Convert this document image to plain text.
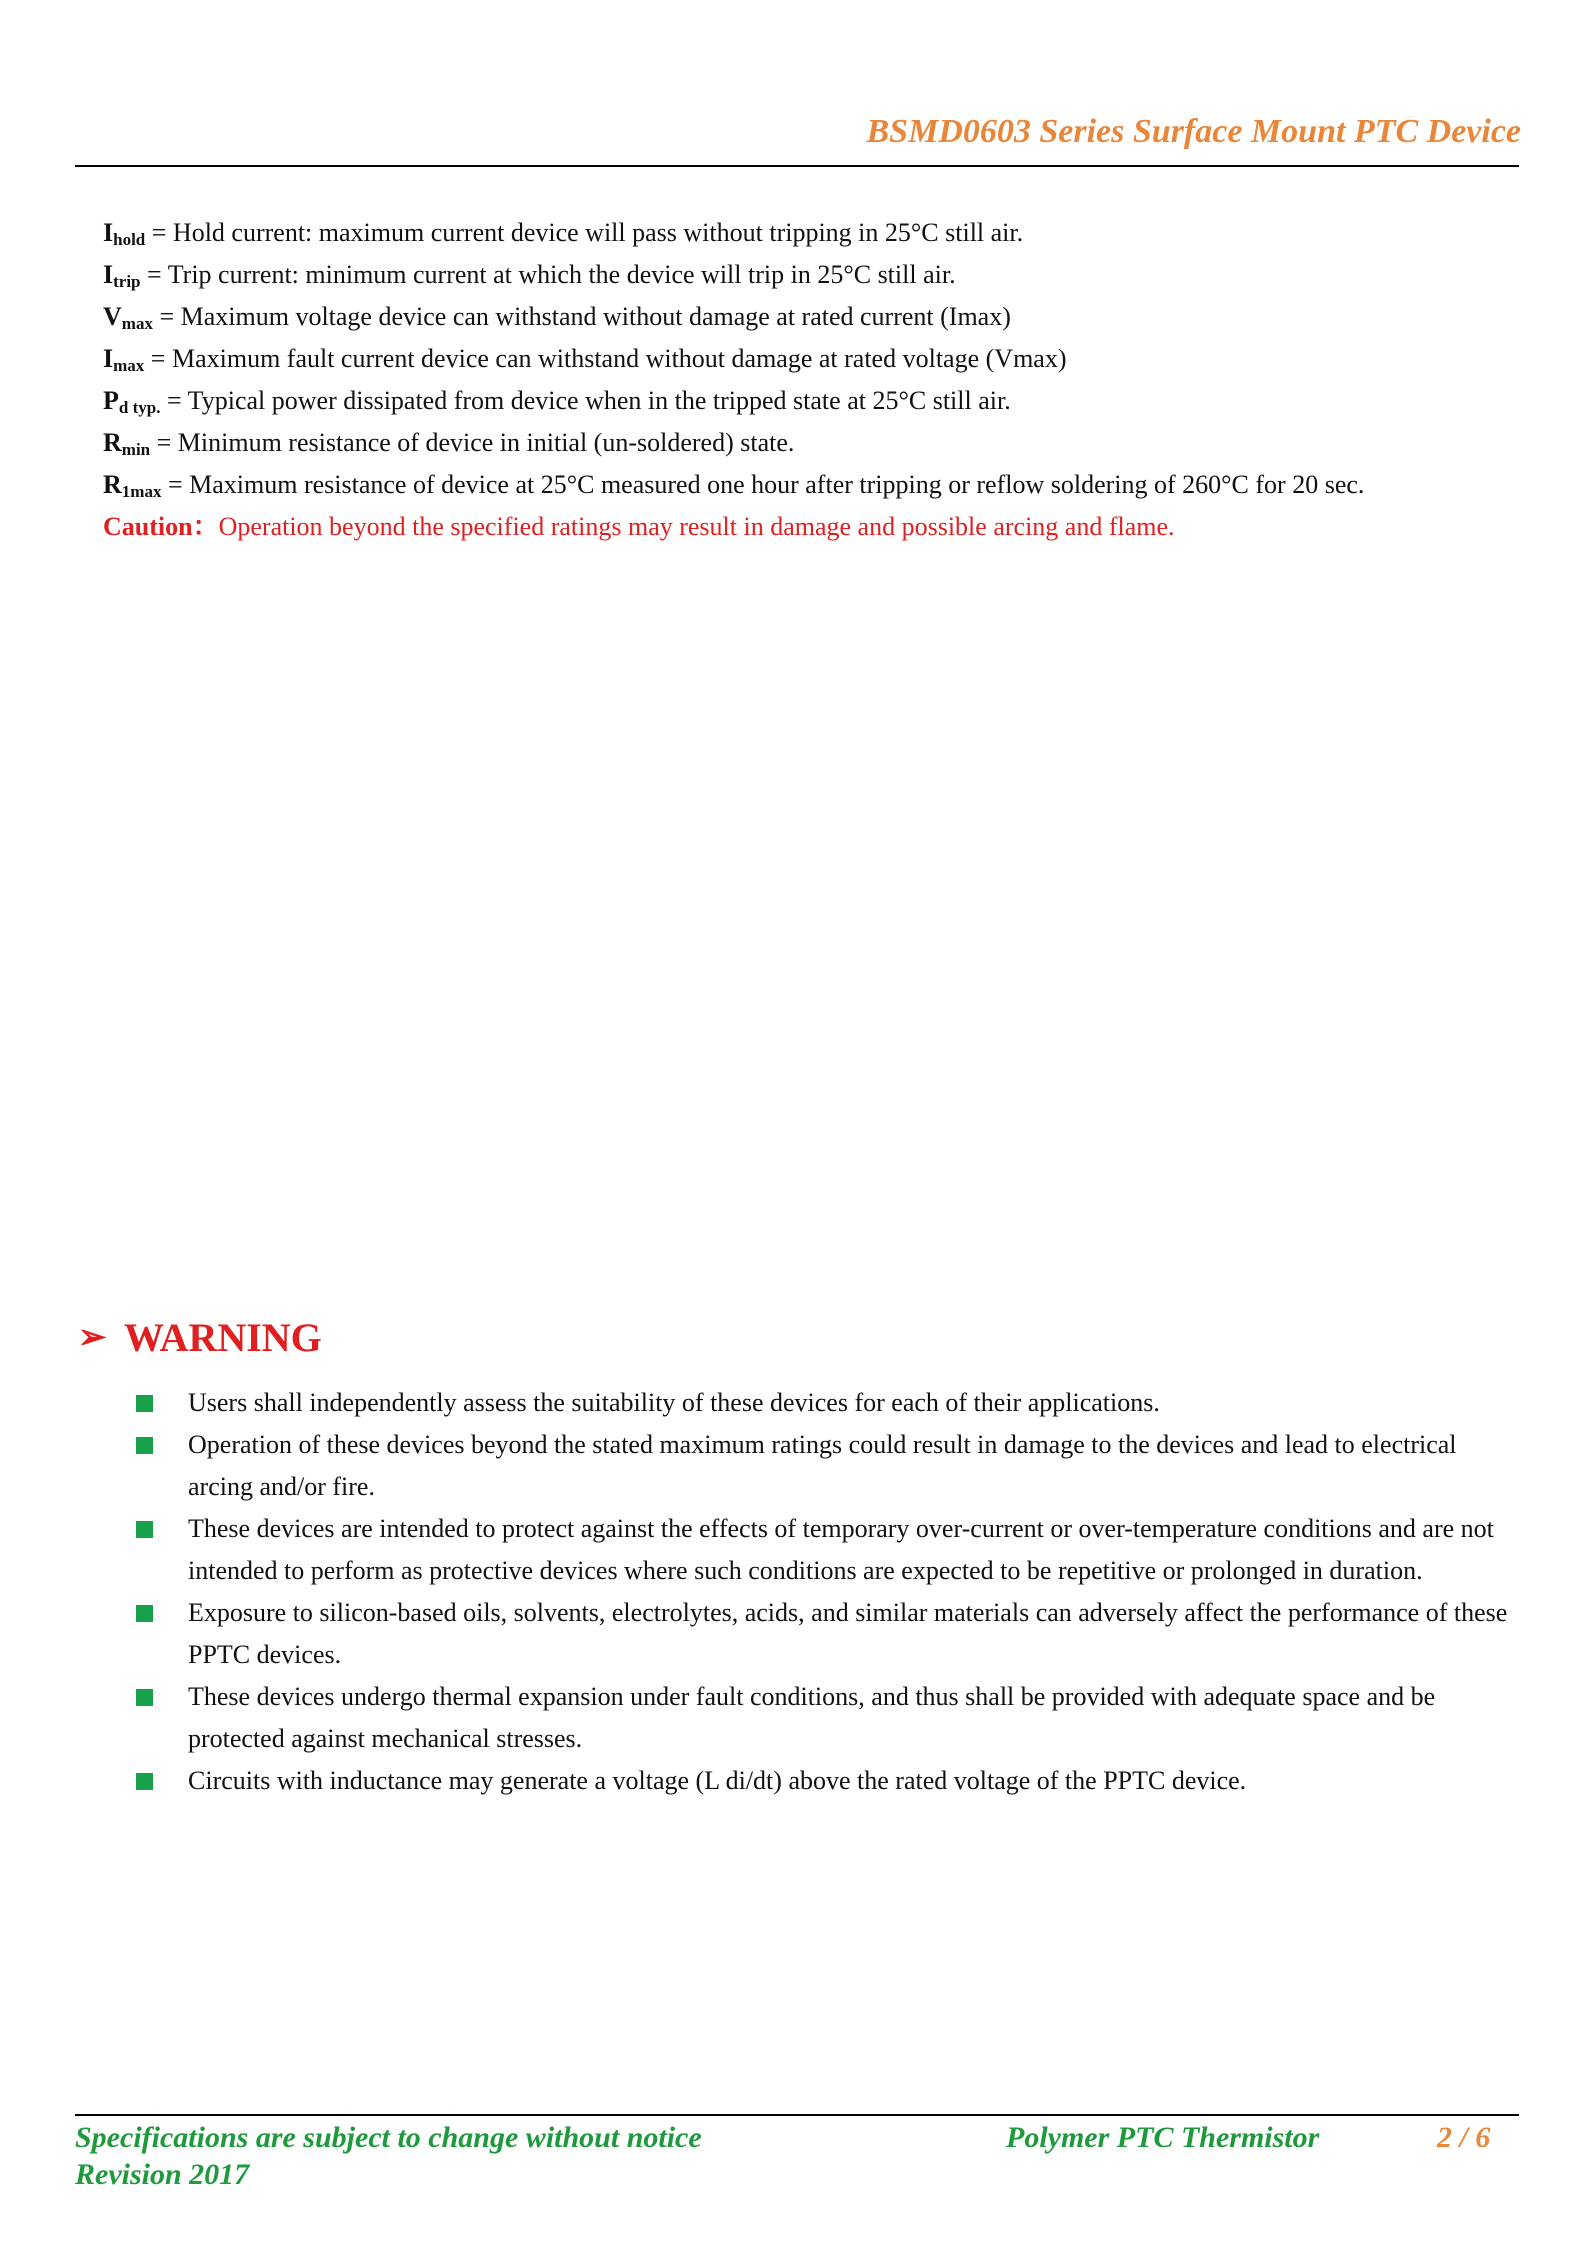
BSMD0603 Series Surface Mount PTC Device
$I_{hold}$ = Hold current: maximum current device will pass without tripping in 25°C still air.
$I_{trip}$ = Trip current: minimum current at which the device will trip in 25°C still air.
$V_{max}$ = Maximum voltage device can withstand without damage at rated current (Imax)
$I_{max}$ = Maximum fault current device can withstand without damage at rated voltage (Vmax)
$P_{d typ.}$ = Typical power dissipated from device when in the tripped state at 25°C still air.
$R_{min}$ = Minimum resistance of device in initial (un-soldered) state.
$R_{1max}$ = Maximum resistance of device at 25°C measured one hour after tripping or reflow soldering of 260°C for 20 sec.
Caution：Operation beyond the specified ratings may result in damage and possible arcing and flame.
➢ WARNING
Users shall independently assess the suitability of these devices for each of their applications.
Operation of these devices beyond the stated maximum ratings could result in damage to the devices and lead to electrical arcing and/or fire.
These devices are intended to protect against the effects of temporary over-current or over-temperature conditions and are not intended to perform as protective devices where such conditions are expected to be repetitive or prolonged in duration.
Exposure to silicon-based oils, solvents, electrolytes, acids, and similar materials can adversely affect the performance of these PPTC devices.
These devices undergo thermal expansion under fault conditions, and thus shall be provided with adequate space and be protected against mechanical stresses.
Circuits with inductance may generate a voltage (L di/dt) above the rated voltage of the PPTC device.
Specifications are subject to change without notice
Revision 2017
Polymer PTC Thermistor	2 / 6
